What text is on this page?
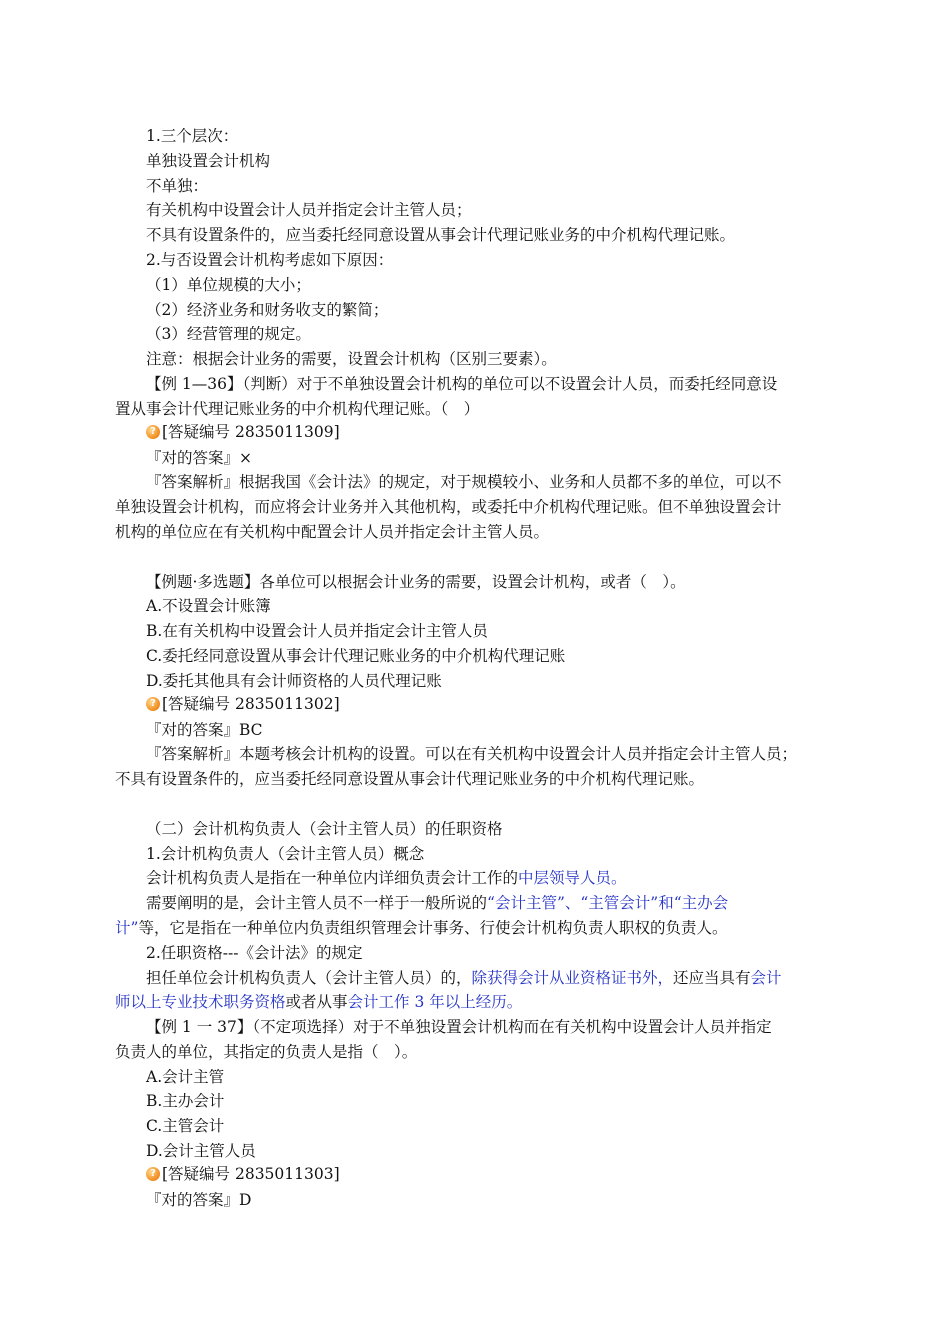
1.三个层次：
单独设置会计机构
不单独：
有关机构中设置会计人员并指定会计主管人员；
不具有设置条件的，应当委托经同意设置从事会计代理记账业务的中介机构代理记账。
2.与否设置会计机构考虑如下原因：
（1）单位规模的大小；
（2）经济业务和财务收支的繁简；
（3）经营管理的规定。
注意：根据会计业务的需要，设置会计机构（区别三要素）。
【例 1—36】（判断）对于不单独设置会计机构的单位可以不设置会计人员，而委托经同意设
置从事会计代理记账业务的中介机构代理记账。（　）
? [答疑编号 2835011309]
『对的答案』×
『答案解析』根据我国《会计法》的规定，对于规模较小、业务和人员都不多的单位，可以不
单独设置会计机构，而应将会计业务并入其他机构，或委托中介机构代理记账。但不单独设置会计
机构的单位应在有关机构中配置会计人员并指定会计主管人员。
【例题·多选题】各单位可以根据会计业务的需要，设置会计机构，或者（　）。
A.不设置会计账簿
B.在有关机构中设置会计人员并指定会计主管人员
C.委托经同意设置从事会计代理记账业务的中介机构代理记账
D.委托其他具有会计师资格的人员代理记账
? [答疑编号 2835011302]
『对的答案』BC
『答案解析』本题考核会计机构的设置。可以在有关机构中设置会计人员并指定会计主管人员；
不具有设置条件的，应当委托经同意设置从事会计代理记账业务的中介机构代理记账。
（二）会计机构负责人（会计主管人员）的任职资格
1.会计机构负责人（会计主管人员）概念
会计机构负责人是指在一种单位内详细负责会计工作的中层领导人员。
需要阐明的是，会计主管人员不一样于一般所说的“会计主管”、“主管会计”和“主办会
计”等，它是指在一种单位内负责组织管理会计事务、行使会计机构负责人职权的负责人。
2.任职资格---《会计法》的规定
担任单位会计机构负责人（会计主管人员）的，除获得会计从业资格证书外，还应当具有会计
师以上专业技术职务资格或者从事会计工作 3 年以上经历。
【例 1 一 37】（不定项选择）对于不单独设置会计机构而在有关机构中设置会计人员并指定
负责人的单位，其指定的负责人是指（　）。
A.会计主管
B.主办会计
C.主管会计
D.会计主管人员
? [答疑编号 2835011303]
『对的答案』D
